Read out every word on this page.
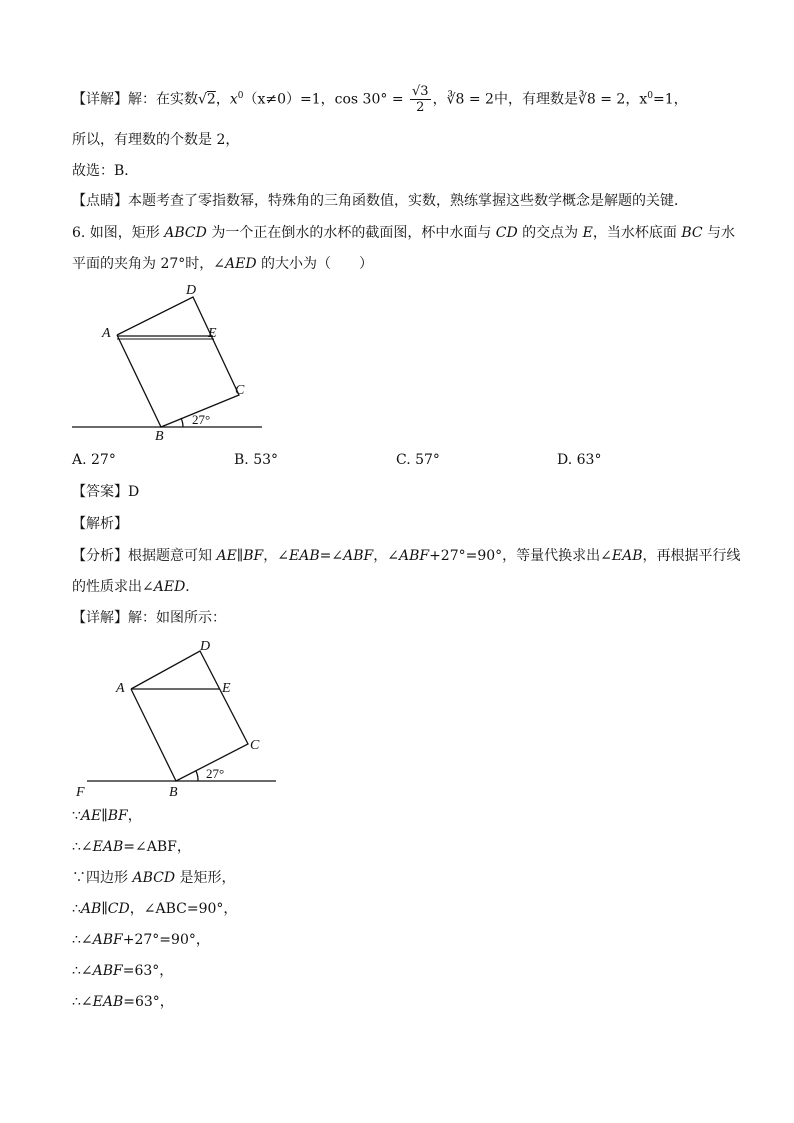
【详解】解：在实数√2，$x^0(x\ne 0)=1$，$\cos 30^\circ = \frac{√3}{2}$ ，∛8 = 2中，有理数是∛8 = 2，$x^0=1$，
所以，有理数的个数是 2，
故选：B．
【点睛】本题考查了零指数幂，特殊角的三角函数值，实数，熟练掌握这些数学概念是解题的关键．
6. 如图，矩形 ABCD 为一个正在倒水的水杯的截面图，杯中水面与 CD 的交点为 E，当水杯底面 BC 与水
平面的夹角为 27°时，∠AED 的大小为（　　）
D
A	E
C
B
27°
A. 27°	B. 53°	C. 57°	D. 63°
【答案】D
【解析】
【分析】根据题意可知 AE∥BF，∠EAB=∠ABF，∠ABF+27°=90°，等量代换求出∠EAB，再根据平行线
的性质求出∠AED．
【详解】解：如图所示：
D
A	E
C
F	B
27°
∵AE∥BF，
∴∠EAB=∠ABF，
∵四边形 ABCD 是矩形，
∴AB∥CD，∠ABC=90°，
∴∠ABF+27°=90°，
∴∠ABF=63°，
∴∠EAB=63°，
